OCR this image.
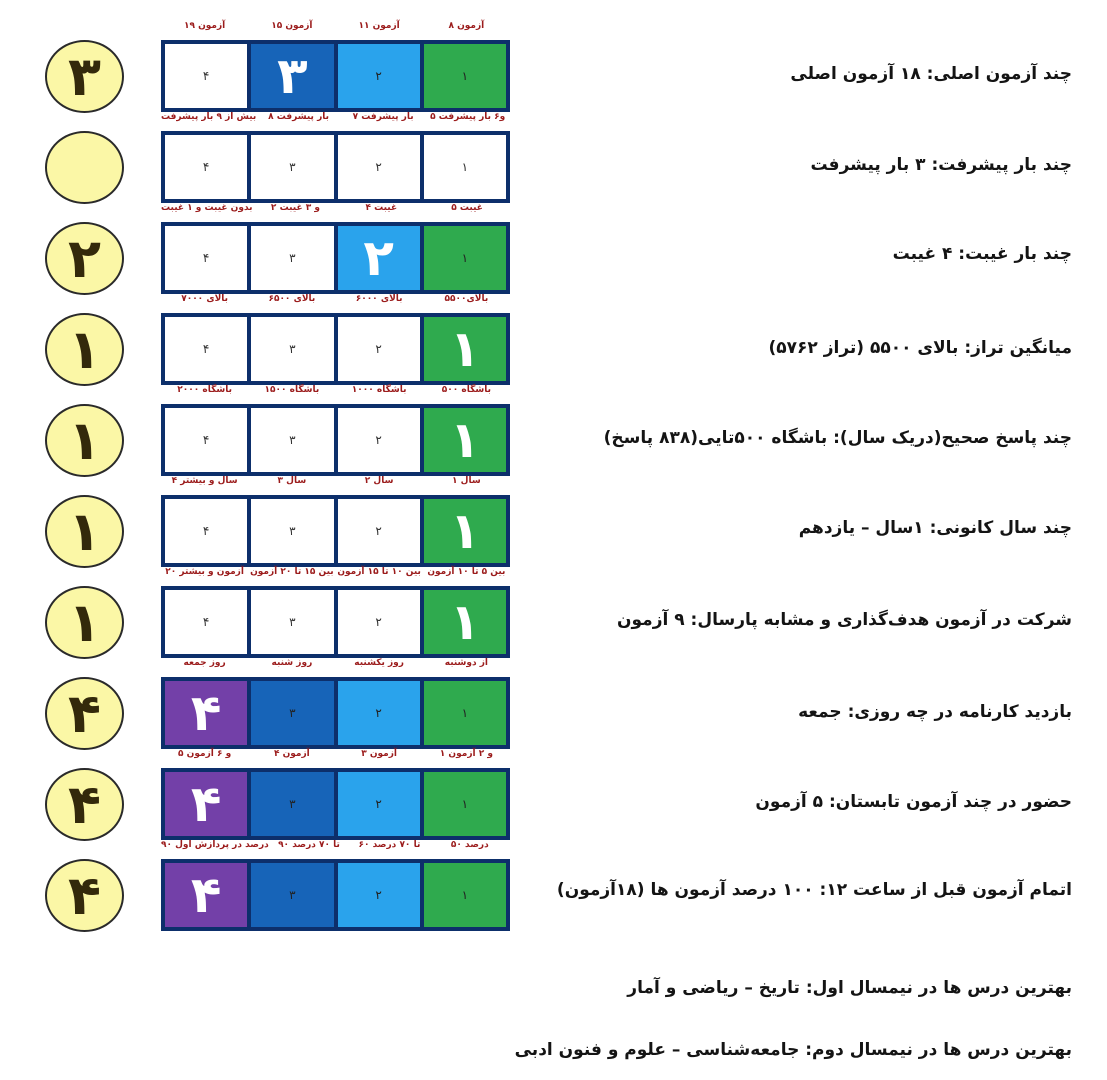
۳
۱۹ آزمون	۱۵ آزمون	۱۱ آزمون	۸ آزمون
۴	۳	۲	۱	چند آزمون اصلی: ۱۸ آزمون اصلی
بیش از ۹ بار پیشرفت	۸ بار پیشرفت	۷ بار پیشرفت	۵ و۶ بار پیشرفت
۴	۳	۲	۱	چند بار پیشرفت: ۳ بار پیشرفت
۲
بدون غیبت و ۱ غیبت	۲ و ۳ غیبت	۴ غیبت	۵ غیبت
۴	۳	۲	۱	چند بار غیبت: ۴ غیبت
۱
بالای ۷۰۰۰	بالای ۶۵۰۰	بالای ۶۰۰۰	بالای۵۵۰۰
۴	۳	۲	۱	میانگین تراز: بالای ۵۵۰۰ (تراز ۵۷۶۲)
۱
باشگاه ۲۰۰۰	باشگاه ۱۵۰۰	باشگاه ۱۰۰۰	باشگاه ۵۰۰
۴	۳	۲	۱	چند پاسخ صحیح(دریک سال): باشگاه ۵۰۰تایی(۸۳۸ پاسخ)
۱
۴ سال و بیشتر	۳ سال	۲ سال	۱ سال
۴	۳	۲	۱	چند سال کانونی: ۱سال – یازدهم
۱
۲۰ آزمون و بیشتر بین ۱۵ تا ۲۰ آزمون بین ۱۰ تا ۱۵ آزمون بین ۵ تا ۱۰ آزمون
۴	۳	۲	۱	شرکت در آزمون هدف‌گذاری و مشابه پارسال: ۹ آزمون
۴
روز جمعه	روز شنبه	روز یکشنبه	از دوشنبه
۴	۳	۲	۱	بازدید کارنامه در چه روزی: جمعه
۴
۵ و ۶ آزمون	۴ آزمون	۳ آزمون	۱ و ۲ آزمون
۴	۳	۲	۱	حضور در چند آزمون تابستان: ۵ آزمون
۴
۹۰ درصد در پردازش اول	۹۰ تا ۷۰ درصد	۶۰ تا ۷۰ درصد	۵۰ درصد
۴	۳	۲	۱	اتمام آزمون قبل از ساعت ۱۲: ۱۰۰ درصد آزمون ها (۱۸آزمون)
بهترین درس ها در نیمسال اول: تاریخ – ریاضی و آمار
بهترین درس ها در نیمسال دوم: جامعه‌شناسی – علوم و فنون ادبی
